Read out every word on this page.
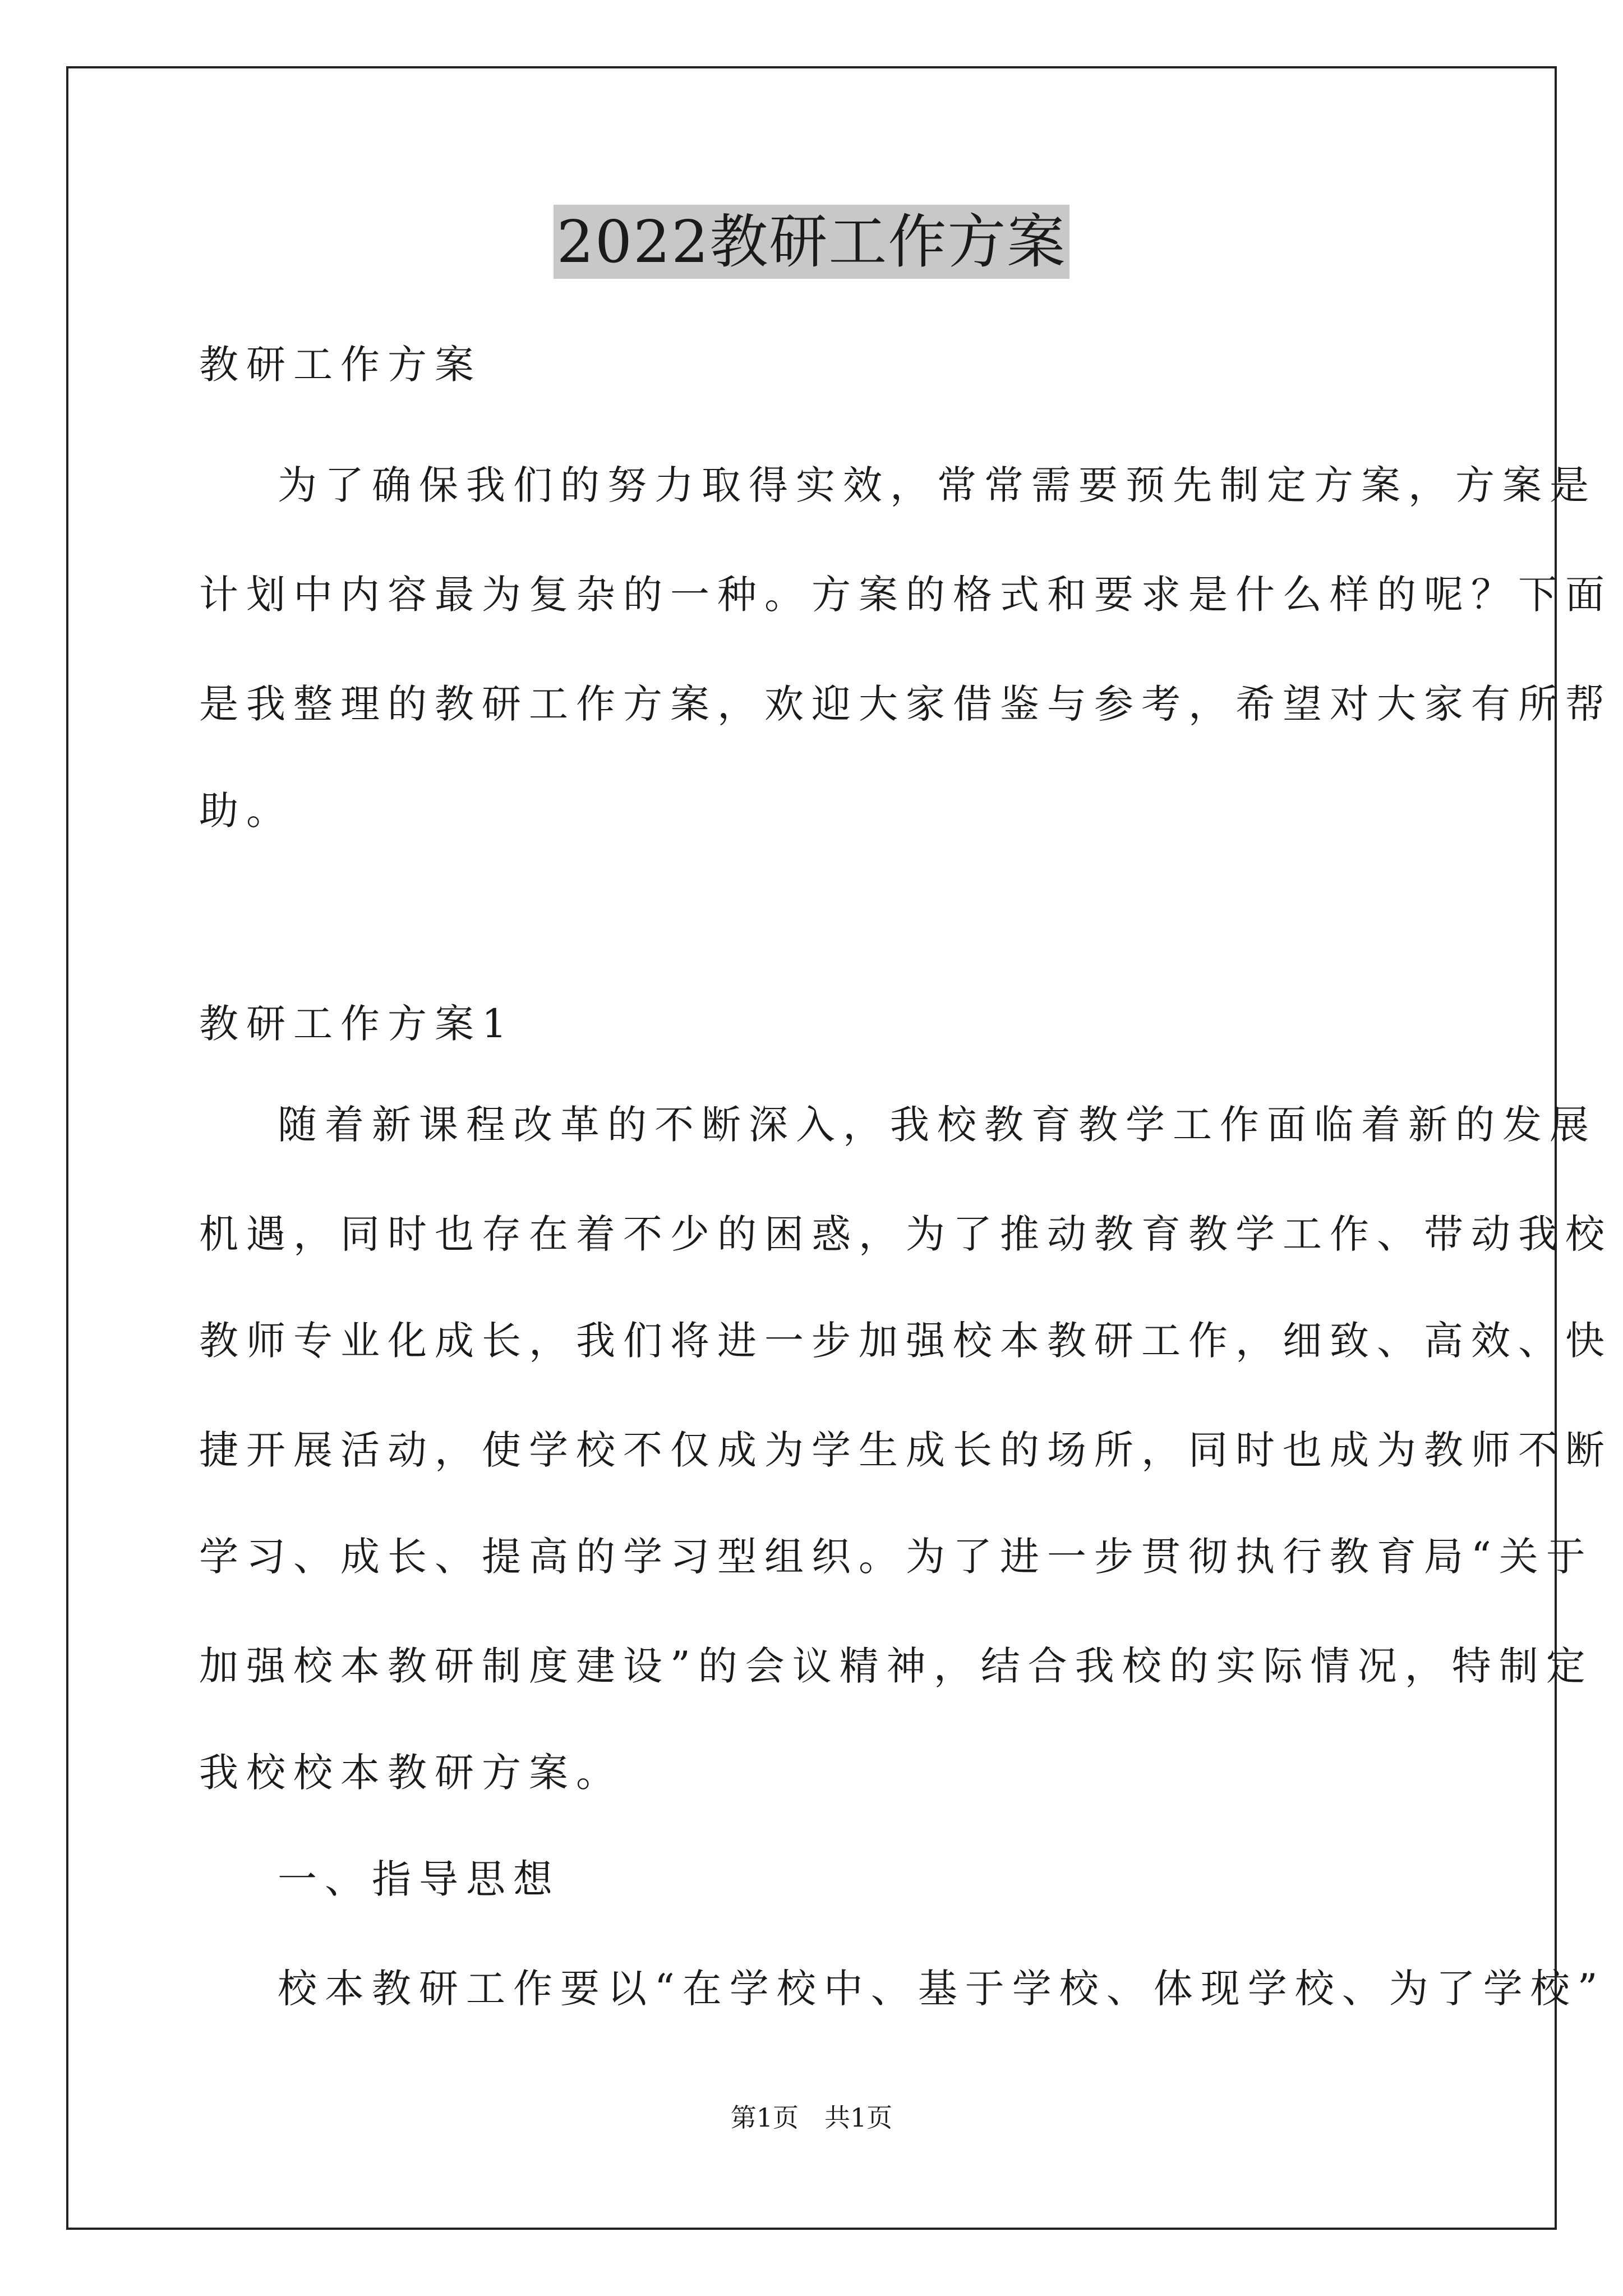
2022教研工作方案
教研工作方案
为了确保我们的努力取得实效，常常需要预先制定方案，方案是
计划中内容最为复杂的一种。方案的格式和要求是什么样的呢？下面
是我整理的教研工作方案，欢迎大家借鉴与参考，希望对大家有所帮
助。
教研工作方案1
随着新课程改革的不断深入，我校教育教学工作面临着新的发展
机遇，同时也存在着不少的困惑，为了推动教育教学工作、带动我校
教师专业化成长，我们将进一步加强校本教研工作，细致、高效、快
捷开展活动，使学校不仅成为学生成长的场所，同时也成为教师不断
学习、成长、提高的学习型组织。为了进一步贯彻执行教育局“关于
加强校本教研制度建设”的会议精神，结合我校的实际情况，特制定
我校校本教研方案。
一、指导思想
校本教研工作要以“在学校中、基于学校、体现学校、为了学校”
第1页　共1页
